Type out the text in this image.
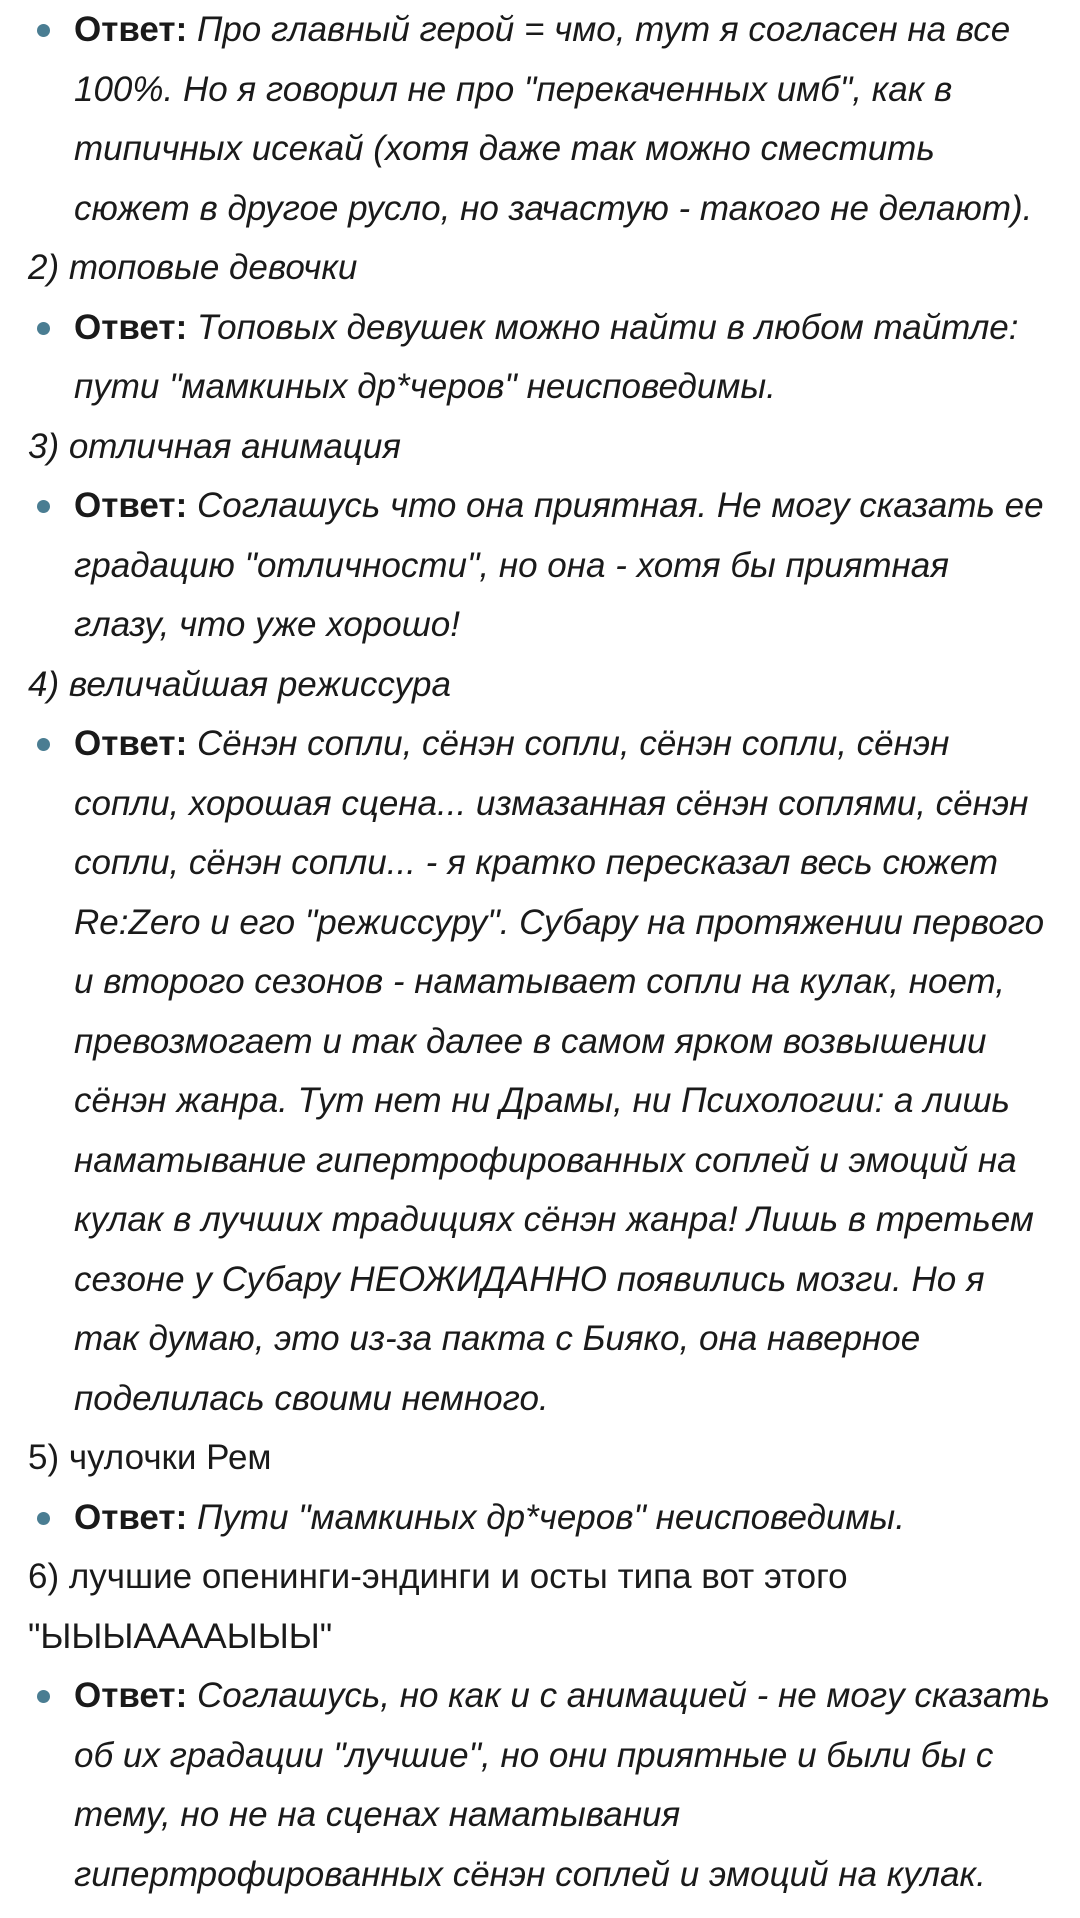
Ответ: Про главный герой = чмо, тут я согласен на все 100%. Но я говорил не про "перекаченных имб", как в типичных исекай (хотя даже так можно сместить сюжет в другое русло, но зачастую - такого не делают).

2) топовые девочки

Ответ: Топовых девушек можно найти в любом тайтле: пути "мамкиных др*черов" неисповедимы.

3) отличная анимация

Ответ: Соглашусь что она приятная. Не могу сказать ее градацию "отличности", но она - хотя бы приятная глазу, что уже хорошо!

4) величайшая режиссура

Ответ: Сёнэн сопли, сёнэн сопли, сёнэн сопли, сёнэн сопли, хорошая сцена... измазанная сёнэн соплями, сёнэн сопли, сёнэн сопли... - я кратко пересказал весь сюжет Re:Zero и его "режиссуру". Субару на протяжении первого и второго сезонов - наматывает сопли на кулак, ноет, превозмогает и так далее в самом ярком возвышении сёнэн жанра. Тут нет ни Драмы, ни Психологии: а лишь наматывание гипертрофированных соплей и эмоций на кулак в лучших традициях сёнэн жанра! Лишь в третьем сезоне у Субару НЕОЖИДАННО появились мозги. Но я так думаю, это из-за пакта с Бияко, она наверное поделилась своими немного.

5) чулочки Рем

Ответ: Пути "мамкиных др*черов" неисповедимы.

6) лучшие опенинги-эндинги и осты типа вот этого "ЫЫЫААААЫЫЫ"

Ответ: Соглашусь, но как и с анимацией - не могу сказать об их градации "лучшие", но они приятные и были бы с тему, но не на сценах наматывания гипертрофированных сёнэн соплей и эмоций на кулак.
